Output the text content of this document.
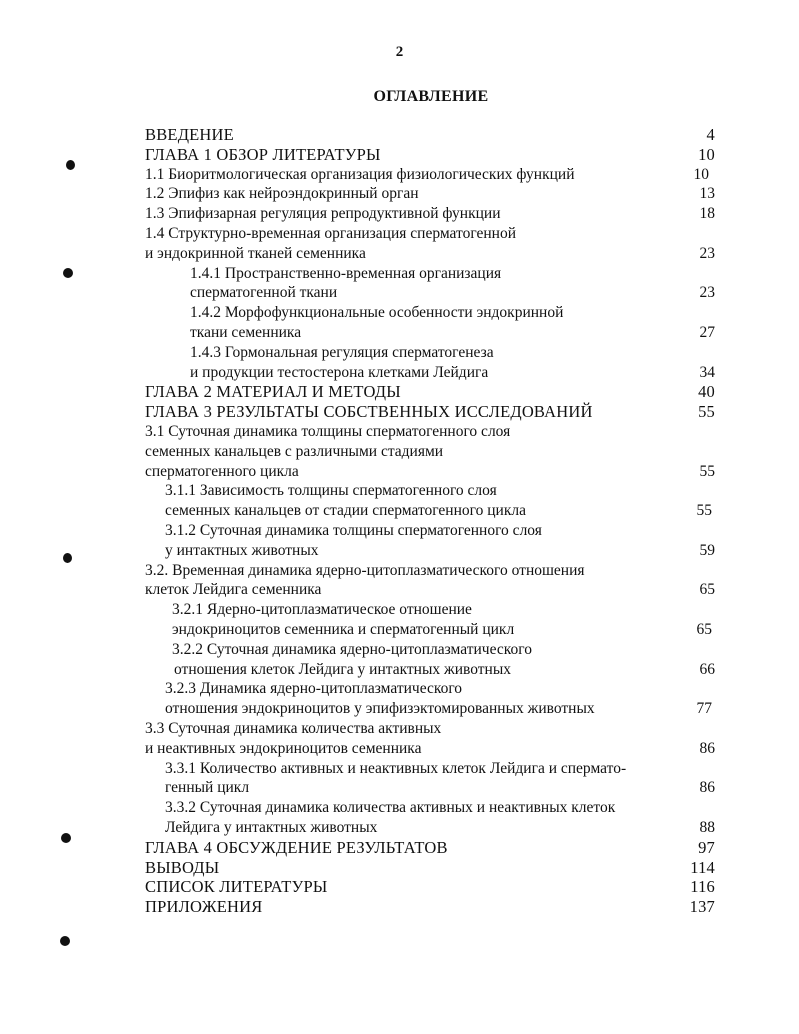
2
ОГЛАВЛЕНИЕ
ВВЕДЕНИЕ	4
ГЛАВА 1 ОБЗОР ЛИТЕРАТУРЫ	10
1.1 Биоритмологическая организация физиологических функций	10
1.2 Эпифиз как нейроэндокринный орган	13
1.3 Эпифизарная регуляция репродуктивной функции	18
1.4 Структурно-временная организация сперматогенной
и эндокринной тканей семенника	23
1.4.1 Пространственно-временная организация
сперматогенной ткани	23
1.4.2 Морфофункциональные особенности эндокринной
ткани семенника	27
1.4.3 Гормональная регуляция сперматогенеза
и продукции тестостерона клетками Лейдига	34
ГЛАВА 2 МАТЕРИАЛ И МЕТОДЫ	40
ГЛАВА 3 РЕЗУЛЬТАТЫ СОБСТВЕННЫХ ИССЛЕДОВАНИЙ	55
3.1 Суточная динамика толщины сперматогенного слоя
семенных канальцев с различными стадиями
сперматогенного цикла	55
3.1.1 Зависимость толщины сперматогенного слоя
семенных канальцев от стадии сперматогенного цикла	55
3.1.2 Суточная динамика толщины сперматогенного слоя
у интактных животных	59
3.2. Временная динамика ядерно-цитоплазматического отношения
клеток Лейдига семенника	65
3.2.1 Ядерно-цитоплазматическое отношение
эндокриноцитов семенника и сперматогенный цикл	65
3.2.2 Суточная динамика ядерно-цитоплазматического
отношения клеток Лейдига у интактных животных	66
3.2.3 Динамика ядерно-цитоплазматического
отношения эндокриноцитов у эпифизэктомированных животных	77
3.3 Суточная динамика количества активных
и неактивных эндокриноцитов семенника	86
3.3.1 Количество активных и неактивных клеток Лейдига и спермато-
генный цикл	86
3.3.2 Суточная динамика количества активных и неактивных клеток
Лейдига у интактных животных	88
ГЛАВА 4 ОБСУЖДЕНИЕ РЕЗУЛЬТАТОВ	97
ВЫВОДЫ	114
СПИСОК ЛИТЕРАТУРЫ	116
ПРИЛОЖЕНИЯ	137
